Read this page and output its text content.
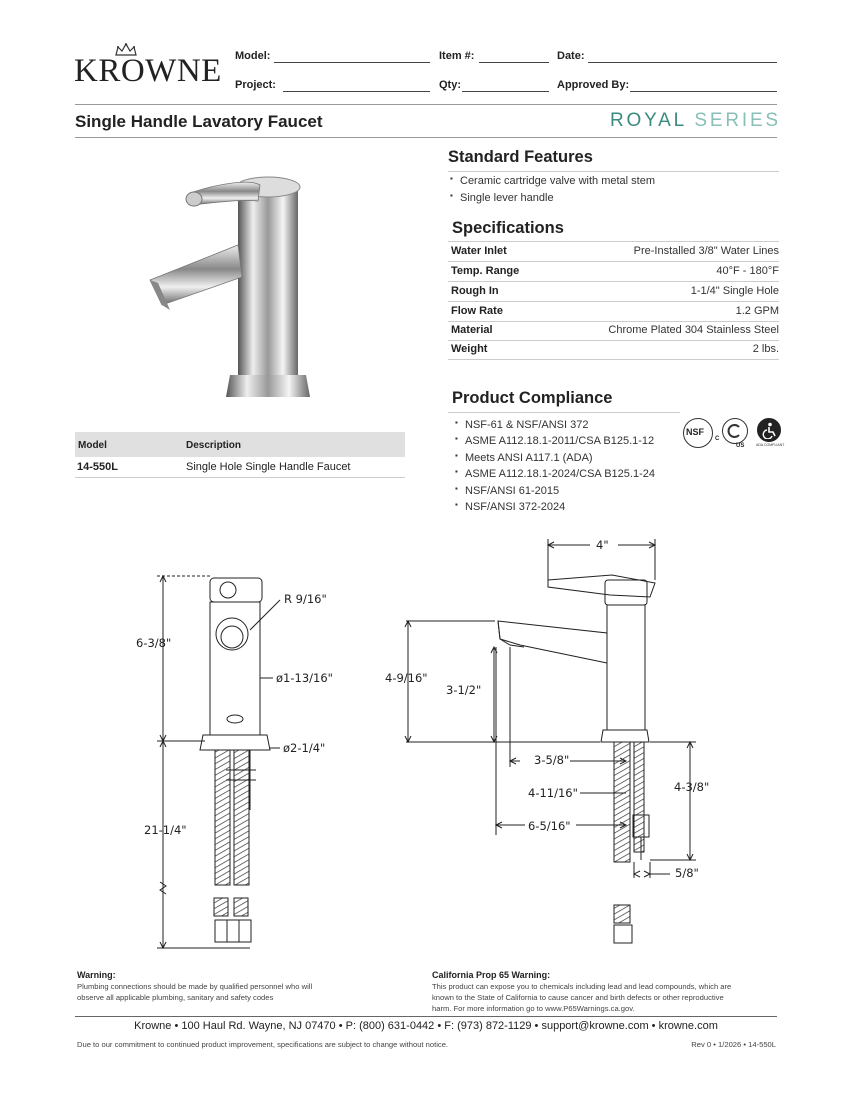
KROWNE Model:	Item #:	Date:
Project:	Qty:	Approved By:
Single Handle Lavatory Faucet	ROYAL SERIES
Model	Description
14-550L	Single Hole Single Handle Faucet
Standard Features
▪ Ceramic cartridge valve with metal stem
▪ Single lever handle
Specifications
Water Inlet	Pre-Installed 3/8" Water Lines
Temp. Range	40°F - 180°F
Rough In	1-1/4" Single Hole
Flow Rate	1.2 GPM
Material	Chrome Plated 304 Stainless Steel
Weight	2 lbs.
Product Compliance
▪ NSF-61 & NSF/ANSI 372
▪ ASME A112.18.1-2011/CSA B125.1-12
▪ Meets ANSI A117.1 (ADA)
▪ ASME A112.18.1-2024/CSA B125.1-24
▪ NSF/ANSI 61-2015
▪ NSF/ANSI 372-2024
NSF
C
US	ADA COMPLIANT
R 9/16"
6-3/8"
ø1-13/16"
ø2-1/4"
21-1/4"
4"
4-9/16"
3-1/2"
3-5/8"
4-11/16"
6-5/16"
4-3/8"
5/8"
Warning:
Plumbing connections should be made by qualified personnel who will
observe all applicable plumbing, sanitary and safety codes
California Prop 65 Warning:
This product can expose you to chemicals including lead and lead compounds, which are
known to the State of California to cause cancer and birth defects or other reproductive
harm. For more information go to www.P65Warnings.ca.gov.
Krowne • 100 Haul Rd. Wayne, NJ 07470 • P: (800) 631-0442 • F: (973) 872-1129 • support@krowne.com • krowne.com
Due to our commitment to continued product improvement, specifications are subject to change without notice.	Rev 0 • 1/2026 • 14-550L
